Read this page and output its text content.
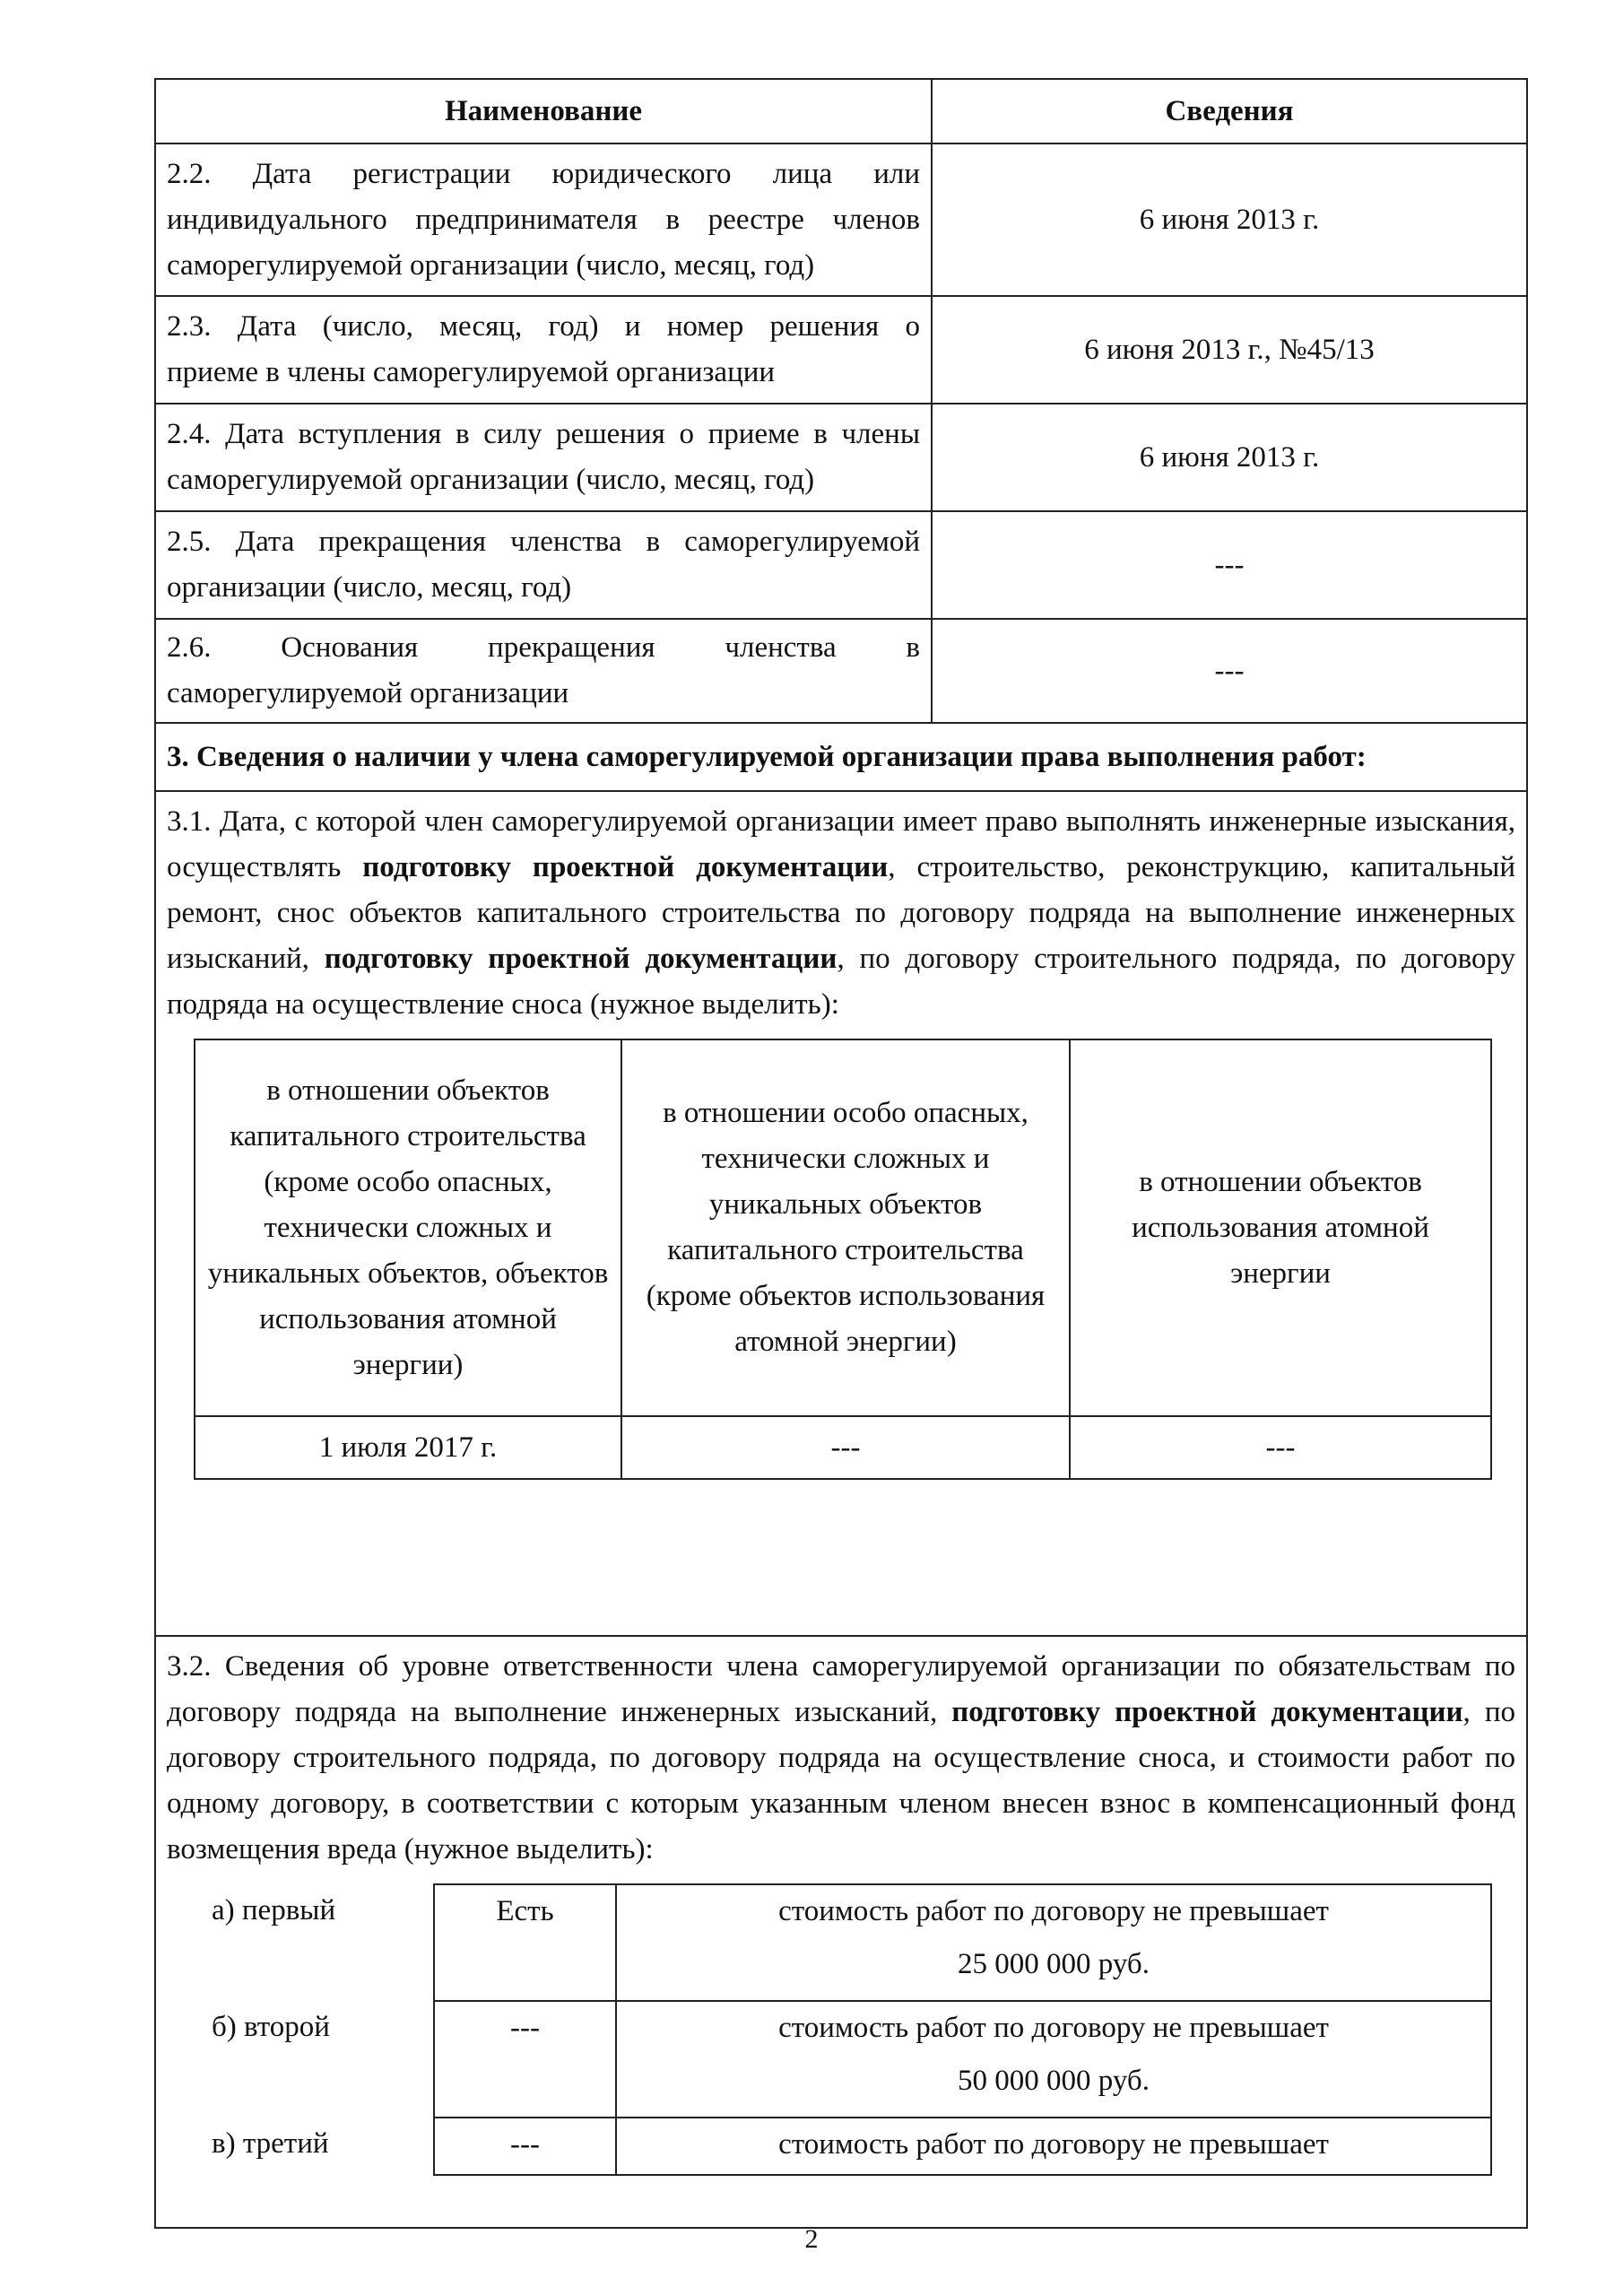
Наименование	Сведения

2.2. Дата регистрации юридического лица или
индивидуального предпринимателя в реестре членов
саморегулируемой организации (число, месяц, год)
	6 июня 2013 г.

2.3. Дата (число, месяц, год) и номер решения о
приеме в члены саморегулируемой организации
	6 июня 2013 г., №45/13

2.4. Дата вступления в силу решения о приеме в члены
саморегулируемой организации (число, месяц, год)
	6 июня 2013 г.

2.5. Дата прекращения членства в саморегулируемой
организации (число, месяц, год)
	---

2.6. Основания прекращения членства в
саморегулируемой организации
	---
3. Сведения о наличии у члена саморегулируемой организации права выполнения работ:

3.1. Дата, с которой член саморегулируемой организации имеет право выполнять инженерные изыскания, осуществлять подготовку проектной документации, строительство, реконструкцию, капитальный ремонт, снос объектов капитального строительства по договору подряда на выполнение инженерных изысканий, подготовку проектной документации, по договору строительного подряда, по договору подряда на осуществление сноса (нужное выделить):
в отношении объектов капитального строительства (кроме особо опасных, технически сложных и уникальных объектов, объектов использования атомной энергии)	в отношении особо опасных, технически сложных и уникальных объектов капитального строительства (кроме объектов использования атомной энергии)	в отношении объектов использования атомной энергии
1 июля 2017 г.	---	---

3.2. Сведения об уровне ответственности члена саморегулируемой организации по обязательствам по договору подряда на выполнение инженерных изысканий, подготовку проектной документации, по договору строительного подряда, по договору подряда на осуществление сноса, и стоимости работ по одному договору, в соответствии с которым указанным членом внесен взнос в компенсационный фонд возмещения вреда (нужное выделить):
а) первый	Есть	стоимость работ по договору не превышает
25 000 000 руб.

б) второй	---	стоимость работ по договору не превышает
50 000 000 руб.

в) третий	---	стоимость работ по договору не превышает
2
